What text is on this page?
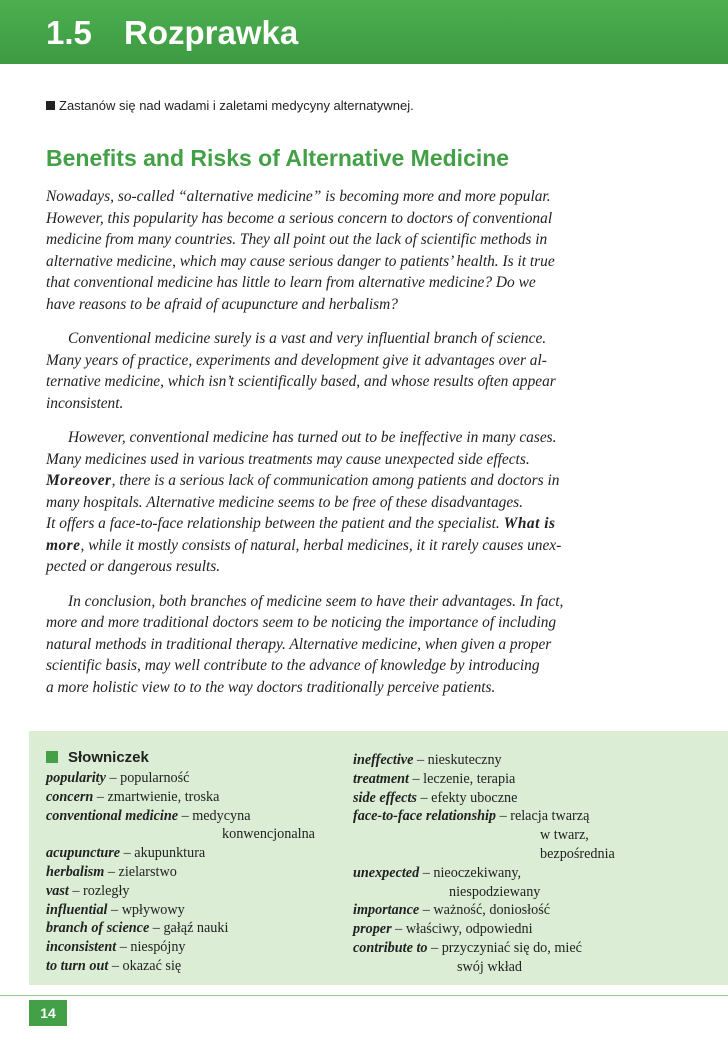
1.5 Rozprawka
Zastanów się nad wadami i zaletami medycyny alternatywnej.
Benefits and Risks of Alternative Medicine
Nowadays, so-called “alternative medicine” is becoming more and more popular.
However, this popularity has become a serious concern to doctors of conventional
medicine from many countries. They all point out the lack of scientific methods in
alternative medicine, which may cause serious danger to patients’ health. Is it true
that conventional medicine has little to learn from alternative medicine? Do we
have reasons to be afraid of acupuncture and herbalism?
Conventional medicine surely is a vast and very influential branch of science.
Many years of practice, experiments and development give it advantages over al-
ternative medicine, which isn’t scientifically based, and whose results often appear
inconsistent.
However, conventional medicine has turned out to be ineffective in many cases.
Many medicines used in various treatments may cause unexpected side effects.
Moreover, there is a serious lack of communication among patients and doctors in
many hospitals. Alternative medicine seems to be free of these disadvantages.
It offers a face-to-face relationship between the patient and the specialist. What is
more, while it mostly consists of natural, herbal medicines, it it rarely causes unex-
pected or dangerous results.
In conclusion, both branches of medicine seem to have their advantages. In fact,
more and more traditional doctors seem to be noticing the importance of including
natural methods in traditional therapy. Alternative medicine, when given a proper
scientific basis, may well contribute to the advance of knowledge by introducing
a more holistic view to to the way doctors traditionally perceive patients.
Słowniczek
popularity – popularność
concern – zmartwienie, troska
conventional medicine – medycyna
konwencjonalna
acupuncture – akupunktura
herbalism – zielarstwo
vast – rozległy
influential – wpływowy
branch of science – gałąź nauki
inconsistent – niespójny
to turn out – okazać się
ineffective – nieskuteczny
treatment – leczenie, terapia
side effects – efekty uboczne
face-to-face relationship – relacja twarzą
w twarz,
bezpośrednia
unexpected – nieoczekiwany,
niespodziewany
importance – ważność, doniosłość
proper – właściwy, odpowiedni
contribute to – przyczyniać się do, mieć
swój wkład
14
